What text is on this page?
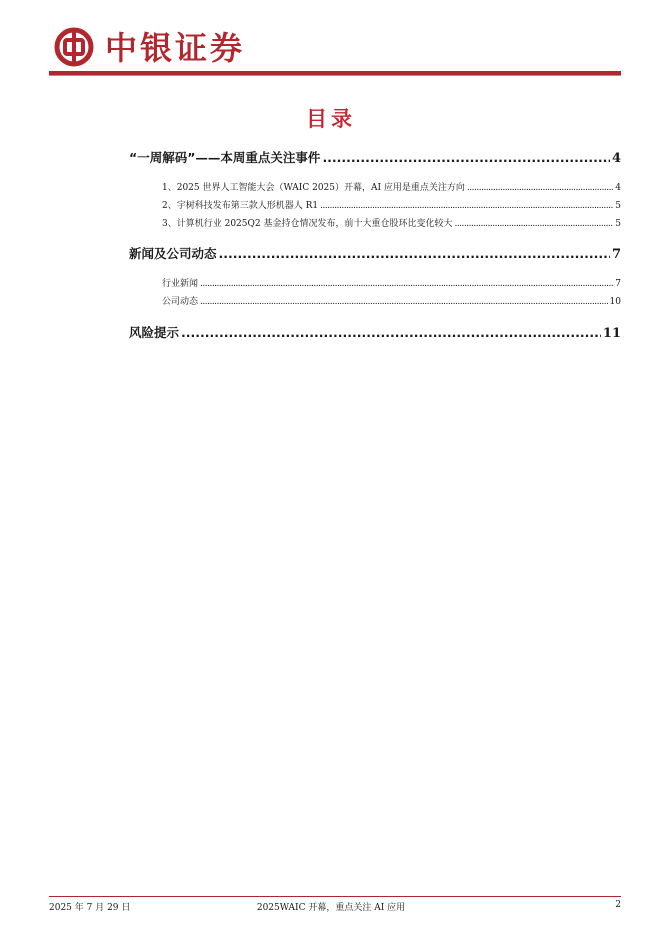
中银证券
目录
“一周解码”——本周重点关注事件 .....	4
1、2025 世界人工智能大会（WAIC 2025）开幕，AI 应用是重点关注方向 .....	4
2、宇树科技发布第三款人形机器人 R1 .....	5
3、计算机行业 2025Q2 基金持仓情况发布，前十大重仓股环比变化较大 .....	5
新闻及公司动态 .....	7
行业新闻 .....	7
公司动态 .....	10
风险提示 .....	11
2025 年 7 月 29 日	2025WAIC 开幕，重点关注 AI 应用	2
